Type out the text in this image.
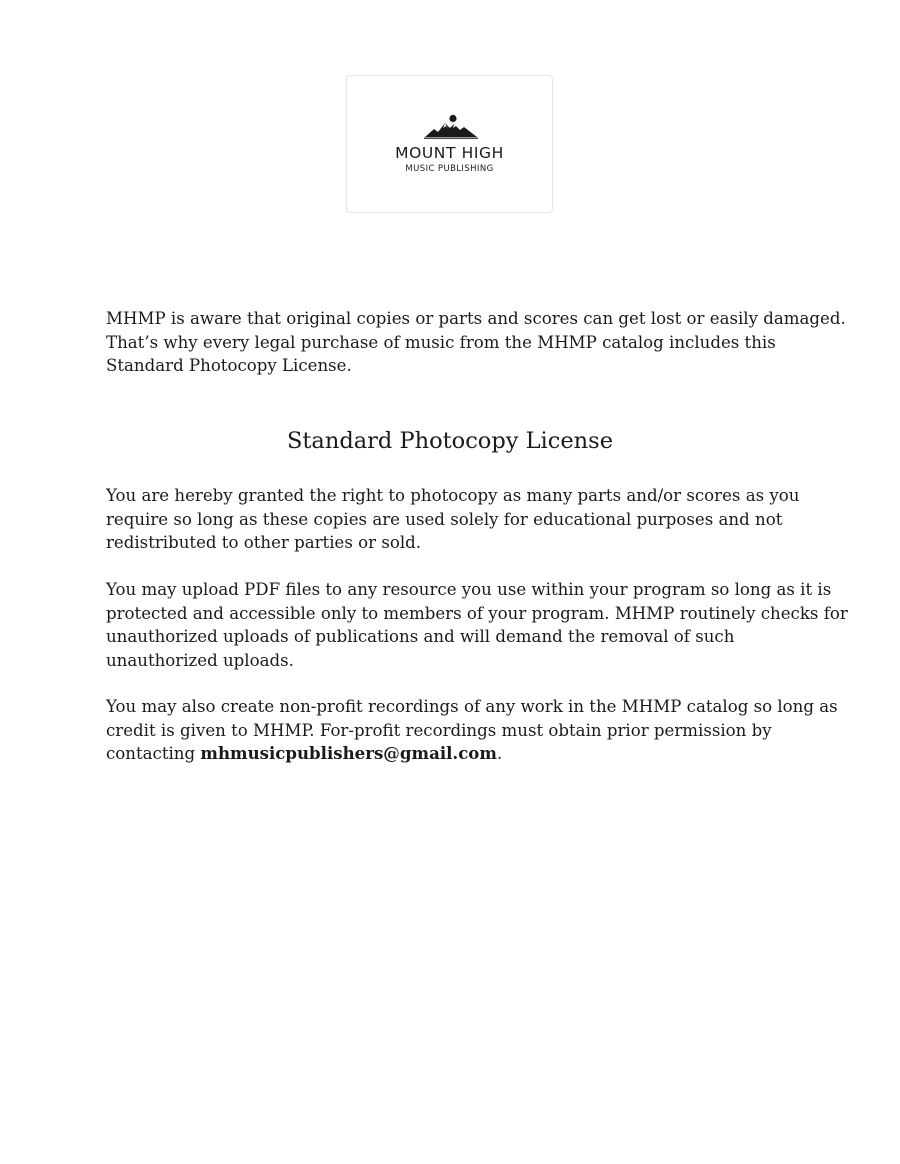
MOUNT HIGH
MUSIC PUBLISHING

MHMP is aware that original copies or parts and scores can get lost or easily damaged.
That’s why every legal purchase of music from the MHMP catalog includes this
Standard Photocopy License.

Standard Photocopy License

You are hereby granted the right to photocopy as many parts and/or scores as you
require so long as these copies are used solely for educational purposes and not
redistributed to other parties or sold.

You may upload PDF files to any resource you use within your program so long as it is
protected and accessible only to members of your program. MHMP routinely checks for
unauthorized uploads of publications and will demand the removal of such
unauthorized uploads.

You may also create non-profit recordings of any work in the MHMP catalog so long as
credit is given to MHMP. For-profit recordings must obtain prior permission by
contacting mhmusicpublishers@gmail.com.
